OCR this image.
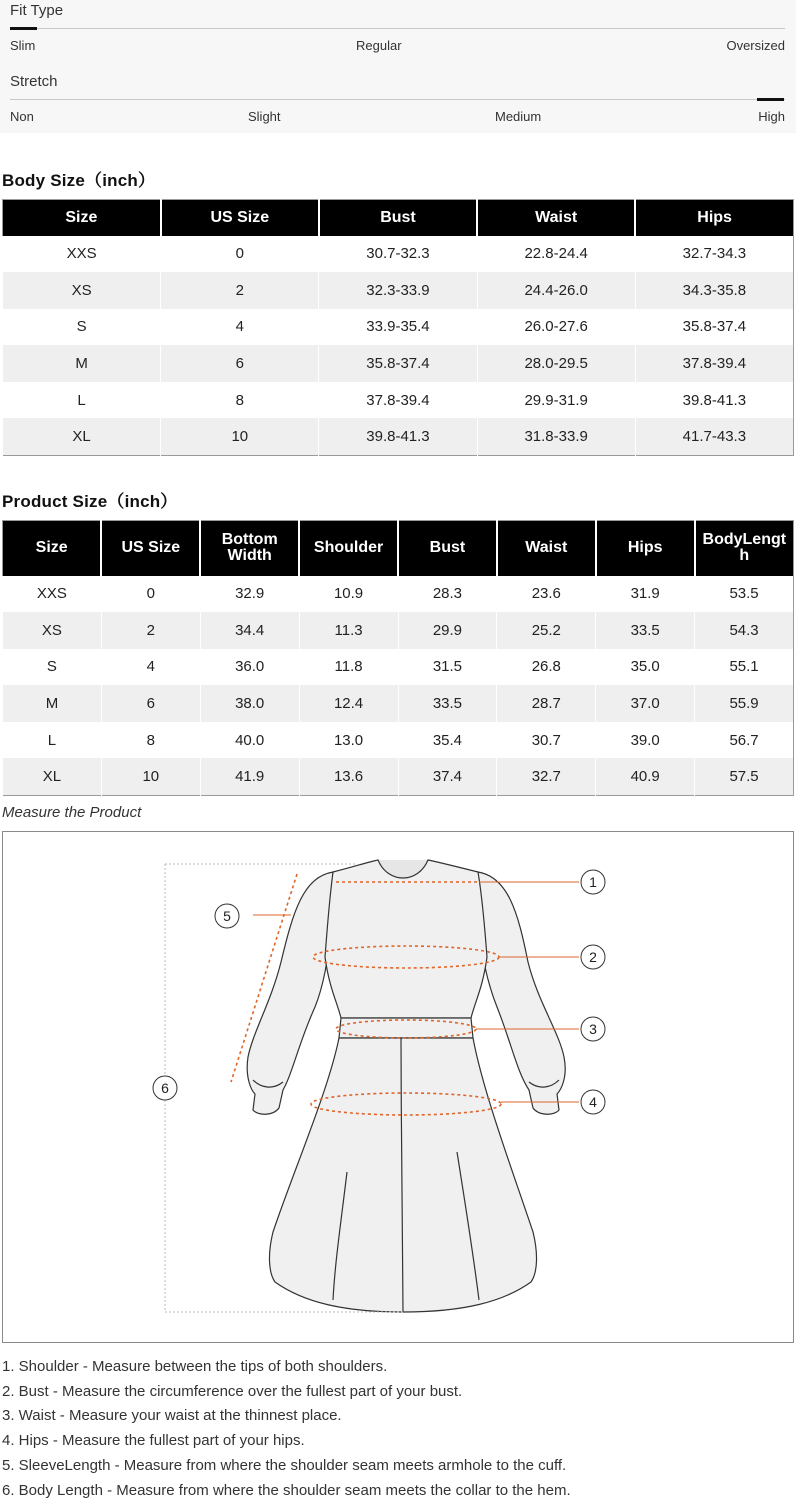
Fit Type
Slim	Regular	Oversized
Stretch
Non	Slight	Medium	High
Body Size（inch）
Size	US Size	Bust	Waist	Hips
XXS	0	30.7-32.3	22.8-24.4	32.7-34.3
XS	2	32.3-33.9	24.4-26.0	34.3-35.8
S	4	33.9-35.4	26.0-27.6	35.8-37.4
M	6	35.8-37.4	28.0-29.5	37.8-39.4
L	8	37.8-39.4	29.9-31.9	39.8-41.3
XL	10	39.8-41.3	31.8-33.9	41.7-43.3
Product Size（inch）
Size	US Size	Bottom Width	Shoulder	Bust	Waist	Hips	BodyLength
XXS	0	32.9	10.9	28.3	23.6	31.9	53.5
XS	2	34.4	11.3	29.9	25.2	33.5	54.3
S	4	36.0	11.8	31.5	26.8	35.0	55.1
M	6	38.0	12.4	33.5	28.7	37.0	55.9
L	8	40.0	13.0	35.4	30.7	39.0	56.7
XL	10	41.9	13.6	37.4	32.7	40.9	57.5
Measure the Product
1
2
3
4
5
6
1. Shoulder - Measure between the tips of both shoulders.
2. Bust - Measure the circumference over the fullest part of your bust.
3. Waist - Measure your waist at the thinnest place.
4. Hips - Measure the fullest part of your hips.
5. SleeveLength - Measure from where the shoulder seam meets armhole to the cuff.
6. Body Length - Measure from where the shoulder seam meets the collar to the hem.
